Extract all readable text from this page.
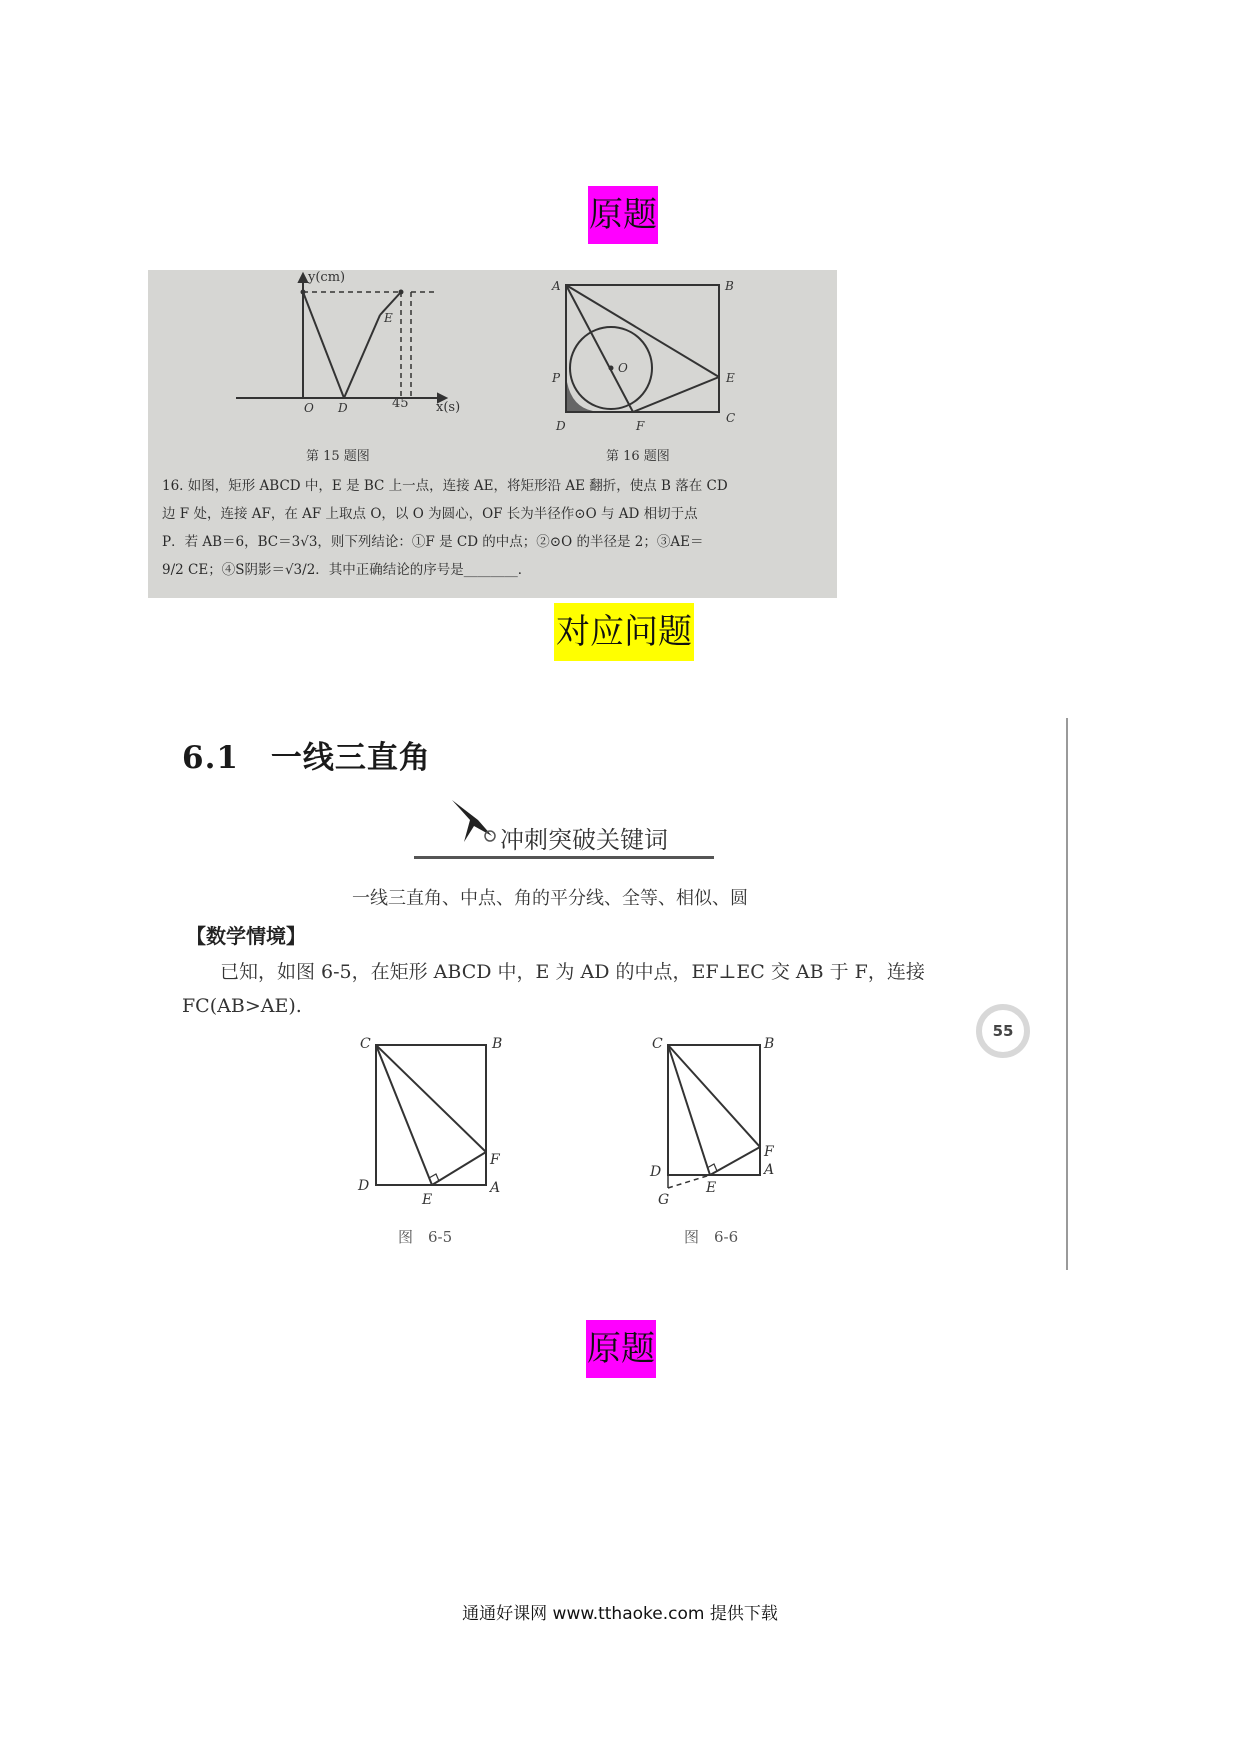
原题
E
O D
A	B
P
O
E
D	F
C
y(cm)
x(s)
45
第 15 题图	第 16 题图
16. 如图，矩形 ABCD 中，E 是 BC 上一点，连接 AE，将矩形沿 AE 翻折，使点 B 落在 CD
边 F 处，连接 AF，在 AF 上取点 O，以 O 为圆心，OF 长为半径作⊙O 与 AD 相切于点
P．若 AB＝6，BC＝3√3，则下列结论：①F 是 CD 的中点；②⊙O 的半径是 2；③AE＝
9/2 CE；④S阴影＝√3/2．其中正确结论的序号是________．
对应问题
6.1　一线三直角
冲刺突破关键词
一线三直角、中点、角的平分线、全等、相似、圆
【数学情境】
已知，如图 6-5，在矩形 ABCD 中，E 为 AD 的中点，EF⊥EC 交 AB 于 F，连接
FC(AB>AE).
C	B
F
D	A
E
图　6-5
C	B
F
D	A
E
G
图　6-6
55
原题
通通好课网 www.tthaoke.com 提供下载
